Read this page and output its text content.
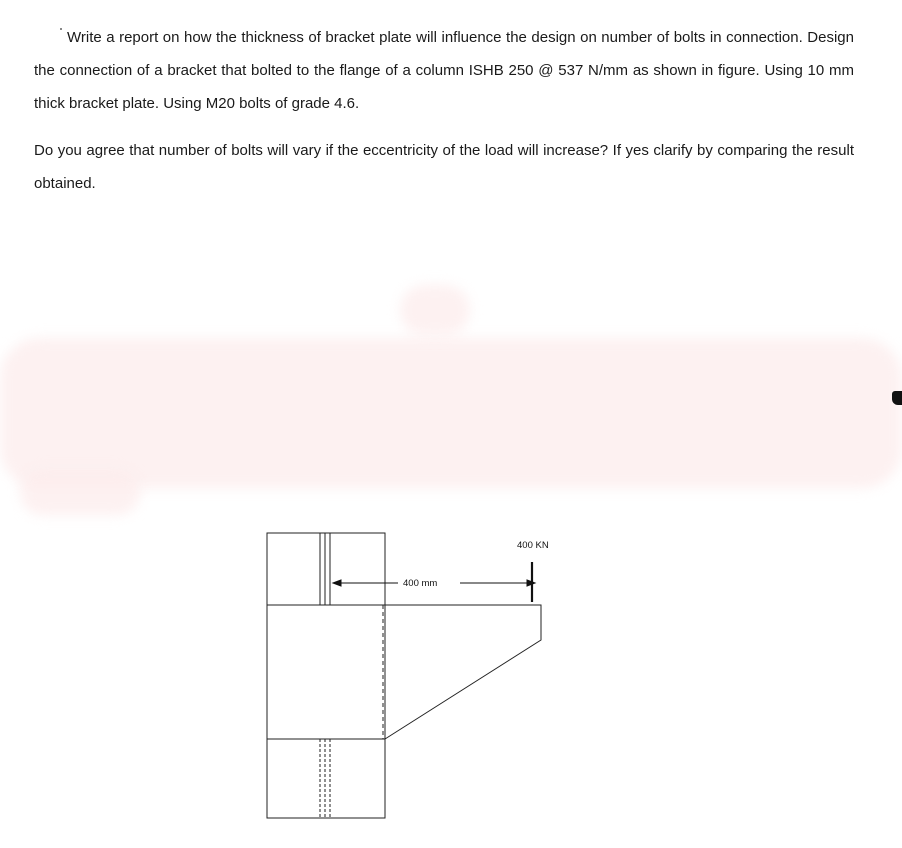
Write a report on how the thickness of bracket plate will influence the design on number of bolts in connection. Design the connection of a bracket that bolted to the flange of a column ISHB 250 @ 537 N/mm as shown in figure. Using 10 mm thick bracket plate. Using M20 bolts of grade 4.6.

Do you agree that number of bolts will vary if the eccentricity of the load will increase? If yes clarify by comparing the result obtained.

400 mm
400 KN
